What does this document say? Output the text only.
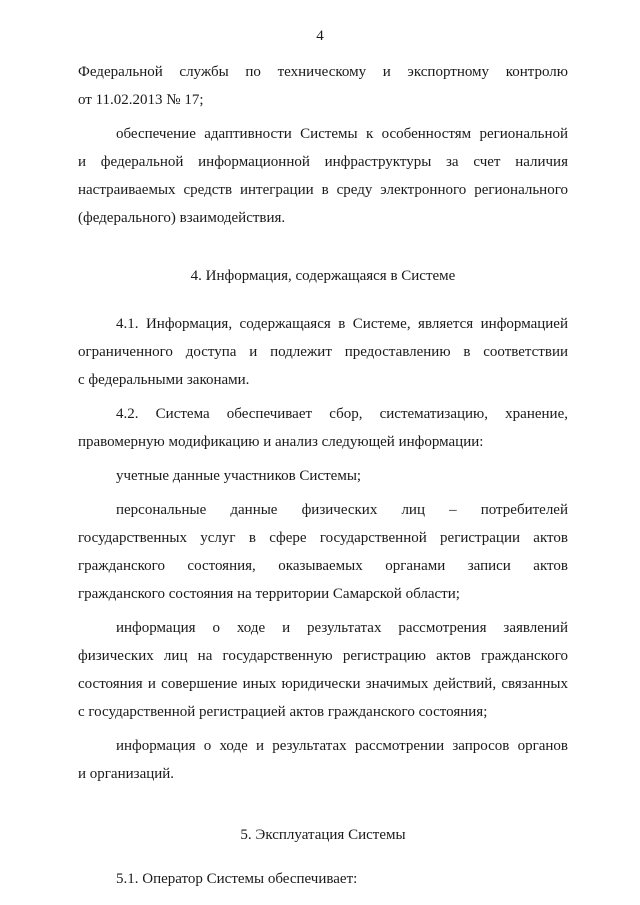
4
Федеральной службы по техническому и экспортному контролю
от 11.02.2013 № 17;
обеспечение адаптивности Системы к особенностям региональной
и федеральной информационной инфраструктуры за счет наличия
настраиваемых средств интеграции в среду электронного регионального
(федерального) взаимодействия.
4. Информация, содержащаяся в Системе
4.1. Информация, содержащаяся в Системе, является информацией
ограниченного доступа и подлежит предоставлению в соответствии
с федеральными законами.
4.2. Система обеспечивает сбор, систематизацию, хранение,
правомерную модификацию и анализ следующей информации:
учетные данные участников Системы;
персональные данные физических лиц – потребителей
государственных услуг в сфере государственной регистрации актов
гражданского состояния, оказываемых органами записи актов
гражданского состояния на территории Самарской области;
информация о ходе и результатах рассмотрения заявлений
физических лиц на государственную регистрацию актов гражданского
состояния и совершение иных юридически значимых действий, связанных
с государственной регистрацией актов гражданского состояния;
информация о ходе и результатах рассмотрении запросов органов
и организаций.
5. Эксплуатация Системы
5.1. Оператор Системы обеспечивает:
